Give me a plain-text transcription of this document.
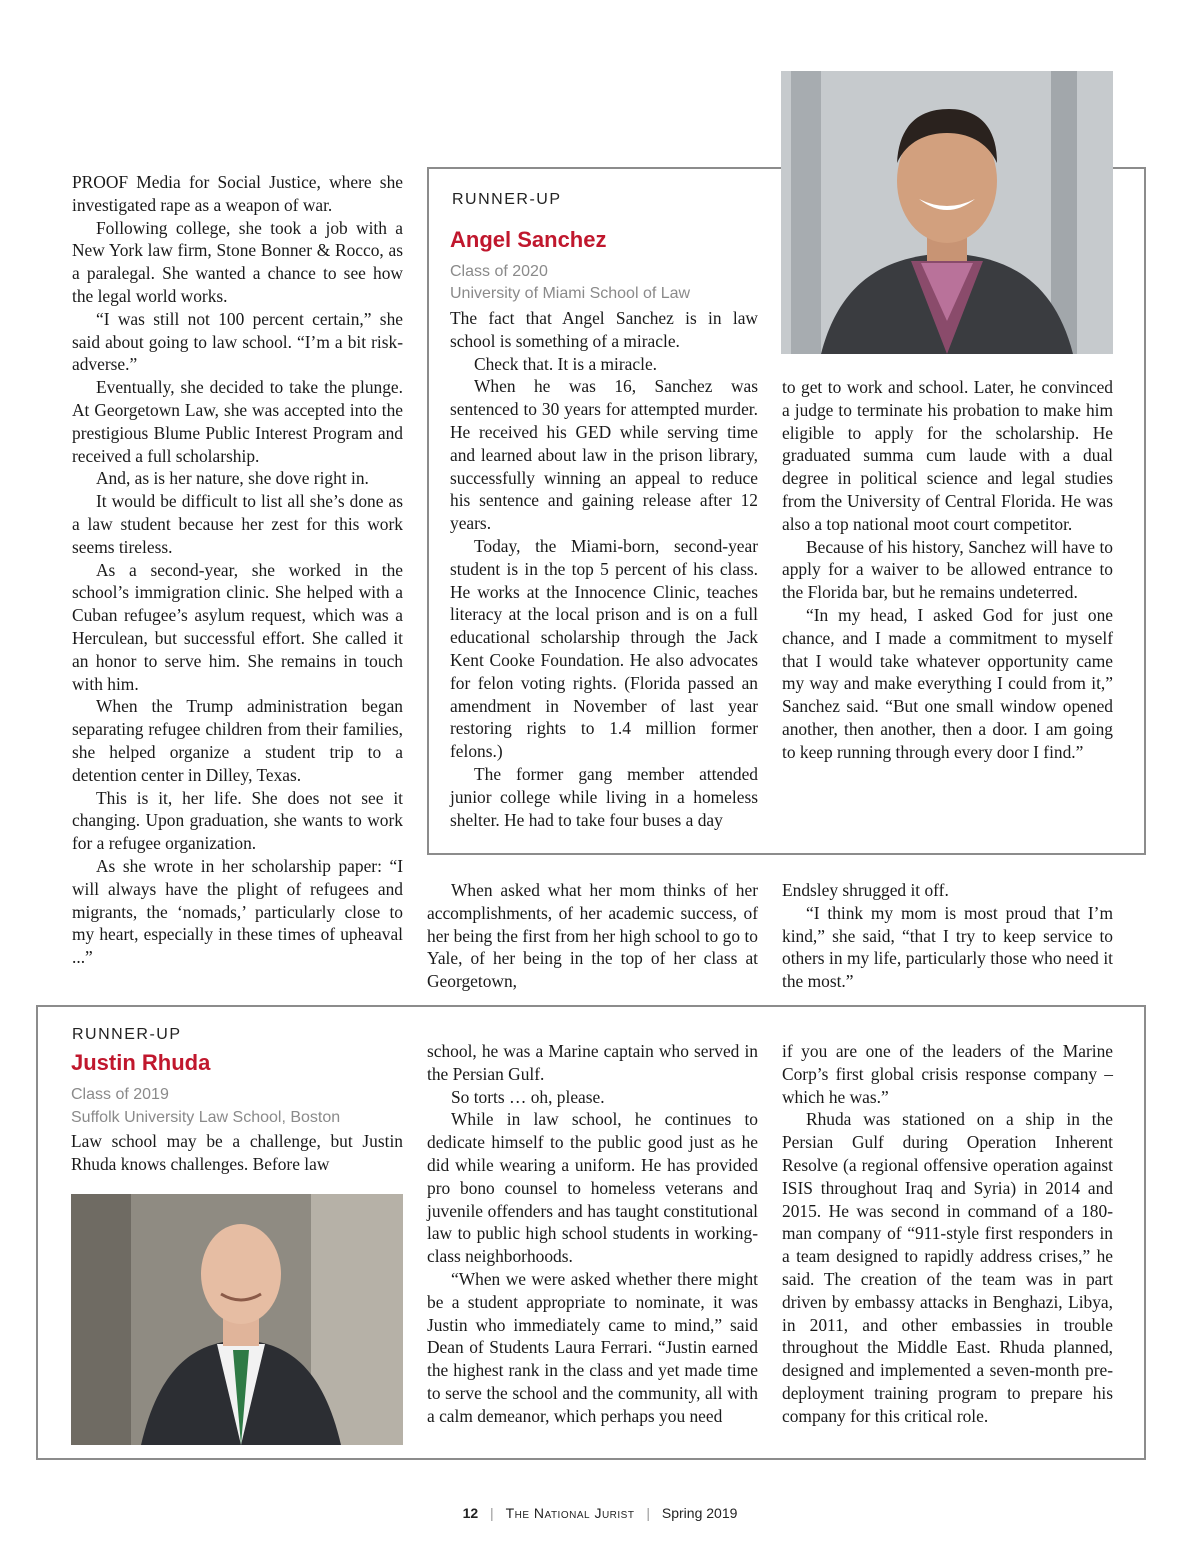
PROOF Media for Social Justice, where she investigated rape as a weapon of war.

Following college, she took a job with a New York law firm, Stone Bonner & Rocco, as a paralegal. She wanted a chance to see how the legal world works.

“I was still not 100 percent certain,” she said about going to law school. “I’m a bit risk-adverse.”

Eventually, she decided to take the plunge. At Georgetown Law, she was accepted into the prestigious Blume Public Interest Program and received a full scholarship.

And, as is her nature, she dove right in.

It would be difficult to list all she’s done as a law student because her zest for this work seems tireless.

As a second-year, she worked in the school’s immigration clinic. She helped with a Cuban refugee’s asylum request, which was a Herculean, but successful effort. She called it an honor to serve him. She remains in touch with him.

When the Trump administration began separating refugee children from their families, she helped organize a student trip to a detention center in Dilley, Texas.

This is it, her life. She does not see it changing. Upon graduation, she wants to work for a refugee organization.

As she wrote in her scholarship paper: “I will always have the plight of refugees and migrants, the ‘nomads,’ particularly close to my heart, especially in these times of upheaval ...”

RUNNER-UP
Angel Sanchez
Class of 2020
University of Miami School of Law

The fact that Angel Sanchez is in law school is something of a miracle.

Check that. It is a miracle.

When he was 16, Sanchez was sentenced to 30 years for attempted murder. He received his GED while serving time and learned about law in the prison library, successfully winning an appeal to reduce his sentence and gaining release after 12 years.

Today, the Miami-born, second-year student is in the top 5 percent of his class. He works at the Innocence Clinic, teaches literacy at the local prison and is on a full educational scholarship through the Jack Kent Cooke Foundation. He also advocates for felon voting rights. (Florida passed an amendment in November of last year restoring rights to 1.4 million former felons.)

The former gang member attended junior college while living in a homeless shelter. He had to take four buses a day

to get to work and school. Later, he convinced a judge to terminate his probation to make him eligible to apply for the scholarship. He graduated summa cum laude with a dual degree in political science and legal studies from the University of Central Florida. He was also a top national moot court competitor.

Because of his history, Sanchez will have to apply for a waiver to be allowed entrance to the Florida bar, but he remains undeterred.

“In my head, I asked God for just one chance, and I made a commitment to myself that I would take whatever opportunity came my way and make everything I could from it,” Sanchez said. “But one small window opened another, then another, then a door. I am going to keep running through every door I find.”

When asked what her mom thinks of her accomplishments, of her academic success, of her being the first from her high school to go to Yale, of her being in the top of her class at Georgetown,

Endsley shrugged it off.

“I think my mom is most proud that I’m kind,” she said, “that I try to keep service to others in my life, particularly those who need it the most.”

RUNNER-UP
Justin Rhuda
Class of 2019
Suffolk University Law School, Boston

Law school may be a challenge, but Justin Rhuda knows challenges. Before law

school, he was a Marine captain who served in the Persian Gulf.

So torts … oh, please.

While in law school, he continues to dedicate himself to the public good just as he did while wearing a uniform. He has provided pro bono counsel to homeless veterans and juvenile offenders and has taught constitutional law to public high school students in working-class neighborhoods.

“When we were asked whether there might be a student appropriate to nominate, it was Justin who immediately came to mind,” said Dean of Students Laura Ferrari. “Justin earned the highest rank in the class and yet made time to serve the school and the community, all with a calm demeanor, which perhaps you need

if you are one of the leaders of the Marine Corp’s first global crisis response company – which he was.”

Rhuda was stationed on a ship in the Persian Gulf during Operation Inherent Resolve (a regional offensive operation against ISIS throughout Iraq and Syria) in 2014 and 2015. He was second in command of a 180-man company of “911-style first responders in a team designed to rapidly address crises,” he said. The creation of the team was in part driven by embassy attacks in Benghazi, Libya, in 2011, and other embassies in trouble throughout the Middle East. Rhuda planned, designed and implemented a seven-month pre-deployment training program to prepare his company for this critical role.

12 | The National Jurist | Spring 2019
